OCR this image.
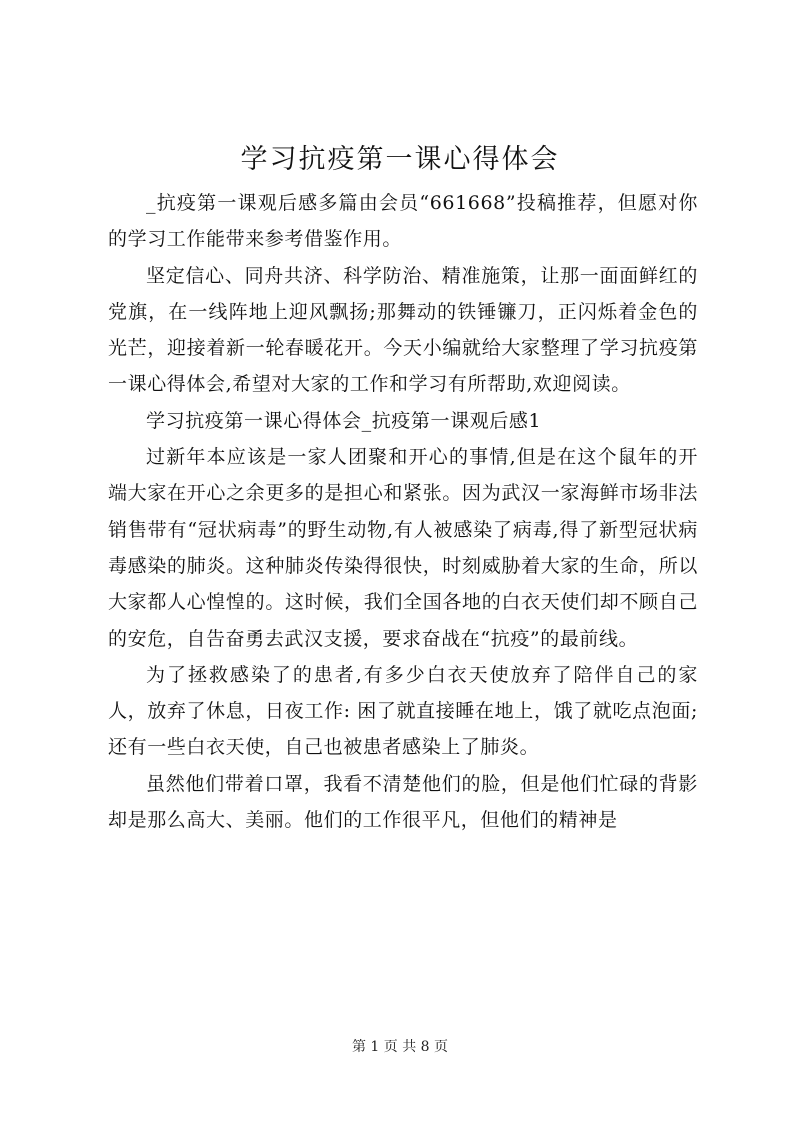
学习抗疫第一课心得体会

_抗疫第一课观后感多篇由会员“661668”投稿推荐，但愿对你的学习工作能带来参考借鉴作用。

坚定信心、同舟共济、科学防治、精准施策，让那一面面鲜红的党旗，在一线阵地上迎风飘扬;那舞动的铁锤镰刀，正闪烁着金色的光芒，迎接着新一轮春暖花开。今天小编就给大家整理了学习抗疫第一课心得体会,希望对大家的工作和学习有所帮助,欢迎阅读。

学习抗疫第一课心得体会_抗疫第一课观后感1

过新年本应该是一家人团聚和开心的事情,但是在这个鼠年的开端大家在开心之余更多的是担心和紧张。因为武汉一家海鲜市场非法销售带有“冠状病毒”的野生动物,有人被感染了病毒,得了新型冠状病毒感染的肺炎。这种肺炎传染得很快，时刻威胁着大家的生命，所以大家都人心惶惶的。这时候，我们全国各地的白衣天使们却不顾自己的安危，自告奋勇去武汉支援，要求奋战在“抗疫”的最前线。

为了拯救感染了的患者,有多少白衣天使放弃了陪伴自己的家人，放弃了休息，日夜工作: 困了就直接睡在地上，饿了就吃点泡面;还有一些白衣天使，自己也被患者感染上了肺炎。

虽然他们带着口罩，我看不清楚他们的脸，但是他们忙碌的背影却是那么高大、美丽。他们的工作很平凡，但他们的精神是

第 1 页 共 8 页
